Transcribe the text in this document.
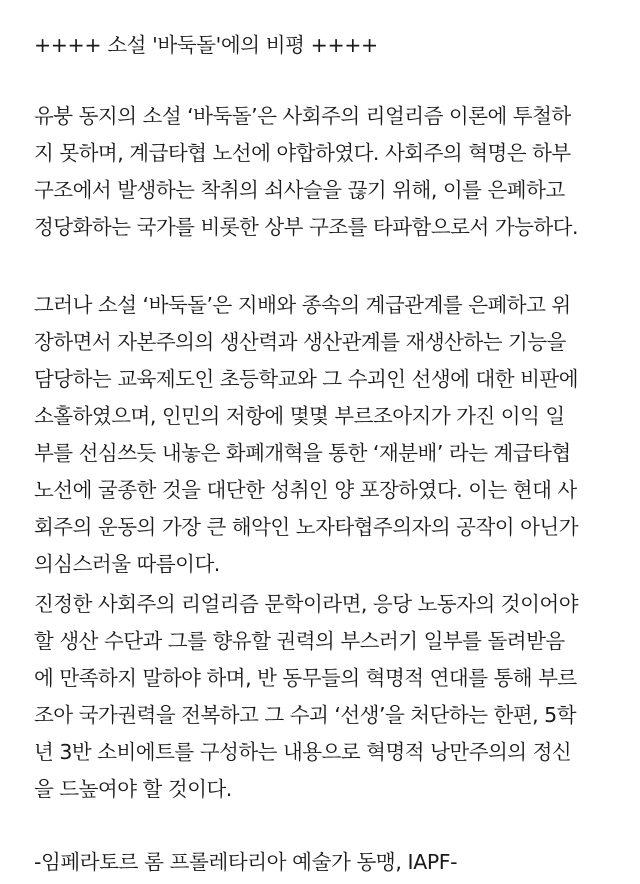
++++ 소설 '바둑돌'에의 비평 ++++
유붕 동지의 소설 ‘바둑돌’은 사회주의 리얼리즘 이론에 투철하
지 못하며, 계급타협 노선에 야합하였다. 사회주의 혁명은 하부
구조에서 발생하는 착취의 쇠사슬을 끊기 위해, 이를 은폐하고
정당화하는 국가를 비롯한 상부 구조를 타파함으로서 가능하다.
그러나 소설 ‘바둑돌’은 지배와 종속의 계급관계를 은폐하고 위
장하면서 자본주의의 생산력과 생산관계를 재생산하는 기능을
담당하는 교육제도인 초등학교와 그 수괴인 선생에 대한 비판에
소홀하였으며, 인민의 저항에 몇몇 부르조아지가 가진 이익 일
부를 선심쓰듯 내놓은 화폐개혁을 통한 ‘재분배’ 라는 계급타협
노선에 굴종한 것을 대단한 성취인 양 포장하였다. 이는 현대 사
회주의 운동의 가장 큰 해악인 노자타협주의자의 공작이 아닌가
의심스러울 따름이다.
진정한 사회주의 리얼리즘 문학이라면, 응당 노동자의 것이어야
할 생산 수단과 그를 향유할 권력의 부스러기 일부를 돌려받음
에 만족하지 말하야 하며, 반 동무들의 혁명적 연대를 통해 부르
조아 국가권력을 전복하고 그 수괴 ‘선생’을 처단하는 한편, 5학
년 3반 소비에트를 구성하는 내용으로 혁명적 낭만주의의 정신
을 드높여야 할 것이다.
-임페라토르 롬 프롤레타리아 예술가 동맹, IAPF-
